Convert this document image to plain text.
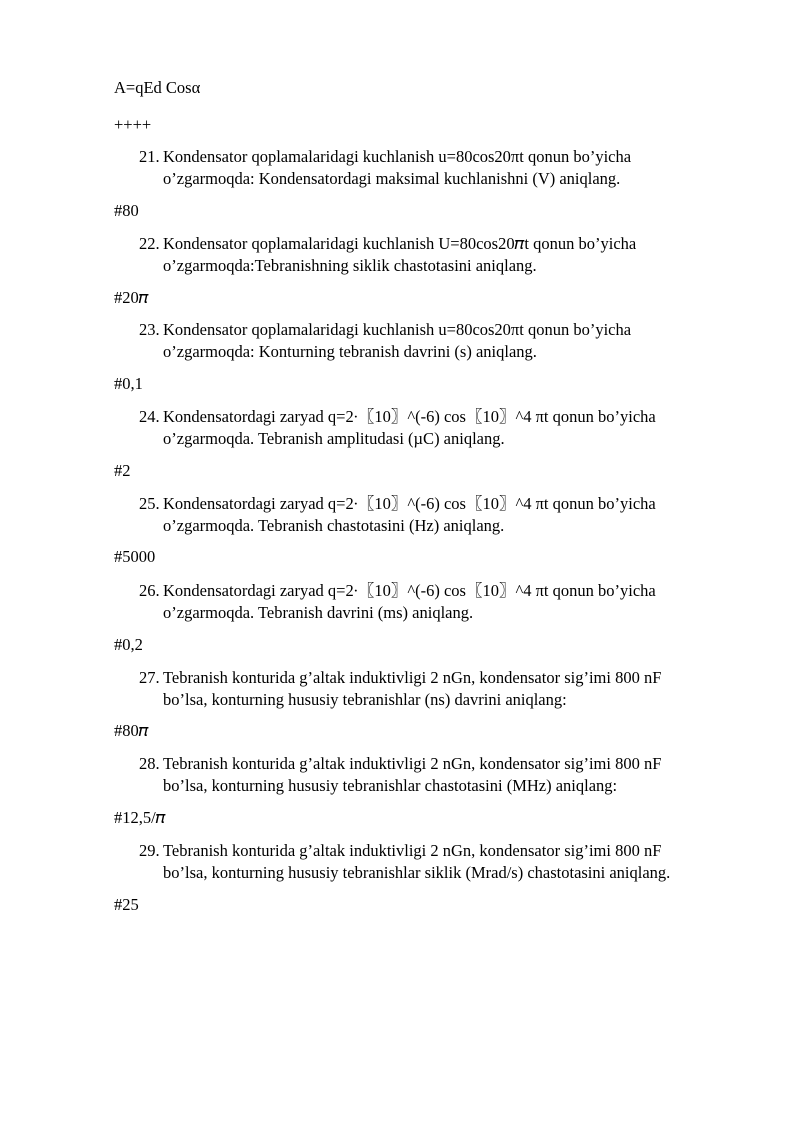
A=qEd Cosα
++++
21. Kondensator qoplamalaridagi kuchlanish u=80cos20πt qonun bo’yicha
o’zgarmoqda: Kondensatordagi maksimal kuchlanishni (V) aniqlang.
#80
22. Kondensator qoplamalaridagi kuchlanish U=80cos20𝜋t qonun bo’yicha
o’zgarmoqda:Tebranishning siklik chastotasini aniqlang.
#20𝜋
23. Kondensator qoplamalaridagi kuchlanish u=80cos20πt qonun bo’yicha
o’zgarmoqda: Konturning tebranish davrini (s) aniqlang.
#0,1
24. Kondensatordagi zaryad q=2∙〖10〗^(-6) cos〖10〗^4 πt qonun bo’yicha
o’zgarmoqda. Tebranish amplitudasi (µC) aniqlang.
#2
25. Kondensatordagi zaryad q=2∙〖10〗^(-6) cos〖10〗^4 πt qonun bo’yicha
o’zgarmoqda. Tebranish chastotasini (Hz) aniqlang.
#5000
26. Kondensatordagi zaryad q=2∙〖10〗^(-6) cos〖10〗^4 πt qonun bo’yicha
o’zgarmoqda. Tebranish davrini (ms) aniqlang.
#0,2
27. Tebranish konturida g’altak induktivligi 2 nGn, kondensator sig’imi 800 nF
bo’lsa, konturning hususiy tebranishlar (ns) davrini aniqlang:
#80𝜋
28. Tebranish konturida g’altak induktivligi 2 nGn, kondensator sig’imi 800 nF
bo’lsa, konturning hususiy tebranishlar chastotasini (MHz) aniqlang:
#12,5/𝜋
29. Tebranish konturida g’altak induktivligi 2 nGn, kondensator sig’imi 800 nF
bo’lsa, konturning hususiy tebranishlar siklik (Mrad/s) chastotasini aniqlang.
#25
